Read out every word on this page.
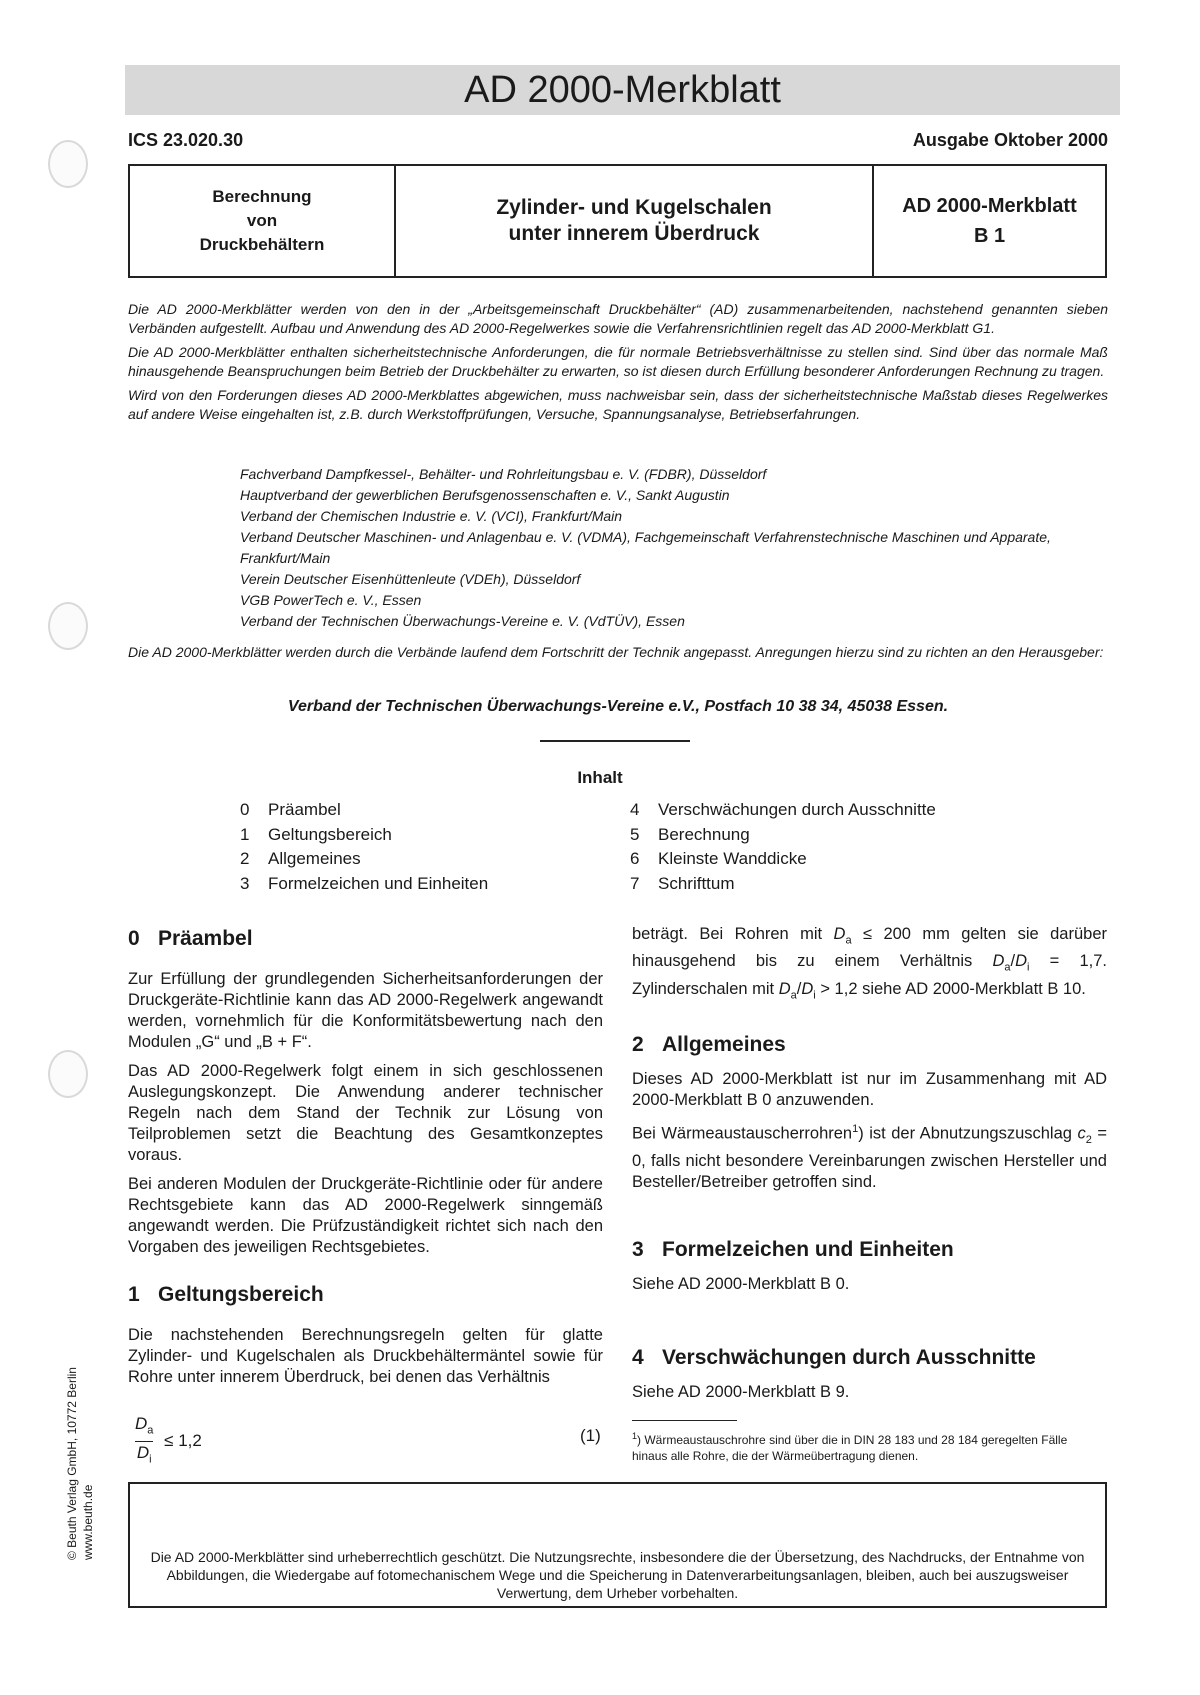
AD 2000-Merkblatt
ICS 23.020.30	Ausgabe Oktober 2000
Berechnung
von
Druckbehältern
Zylinder- und Kugelschalen
unter innerem Überdruck
AD 2000-Merkblatt
B 1

Die AD 2000-Merkblätter werden von den in der „Arbeitsgemeinschaft Druckbehälter“ (AD) zusammenarbeitenden, nachstehend genannten sieben Verbänden aufgestellt. Aufbau und Anwendung des AD 2000-Regelwerkes sowie die Verfahrensrichtlinien regelt das AD 2000-Merkblatt G1.

Die AD 2000-Merkblätter enthalten sicherheitstechnische Anforderungen, die für normale Betriebsverhältnisse zu stellen sind. Sind über das normale Maß hinausgehende Beanspruchungen beim Betrieb der Druckbehälter zu erwarten, so ist diesen durch Erfüllung besonderer Anforderungen Rechnung zu tragen.

Wird von den Forderungen dieses AD 2000-Merkblattes abgewichen, muss nachweisbar sein, dass der sicherheitstechnische Maßstab dieses Regelwerkes auf andere Weise eingehalten ist, z.B. durch Werkstoffprüfungen, Versuche, Spannungsanalyse, Betriebserfahrungen.

Fachverband Dampfkessel-, Behälter- und Rohrleitungsbau e. V. (FDBR), Düsseldorf
Hauptverband der gewerblichen Berufsgenossenschaften e. V., Sankt Augustin
Verband der Chemischen Industrie e. V. (VCI), Frankfurt/Main
Verband Deutscher Maschinen- und Anlagenbau e. V. (VDMA), Fachgemeinschaft Verfahrenstechnische Maschinen und Apparate, Frankfurt/Main
Verein Deutscher Eisenhüttenleute (VDEh), Düsseldorf
VGB PowerTech e. V., Essen
Verband der Technischen Überwachungs-Vereine e. V. (VdTÜV), Essen

Die AD 2000-Merkblätter werden durch die Verbände laufend dem Fortschritt der Technik angepasst. Anregungen hierzu sind zu richten an den Herausgeber:

Verband der Technischen Überwachungs-Vereine e.V., Postfach 10 38 34, 45038 Essen.
Inhalt
0	Präambel
1	Geltungsbereich
2	Allgemeines
3	Formelzeichen und Einheiten
4	Verschwächungen durch Ausschnitte
5	Berechnung
6	Kleinste Wanddicke
7	Schrifttum
0 Präambel

Zur Erfüllung der grundlegenden Sicherheitsanforderungen der Druckgeräte-Richtlinie kann das AD 2000-Regelwerk angewandt werden, vornehmlich für die Konformitätsbewertung nach den Modulen „G“ und „B + F“.

Das AD 2000-Regelwerk folgt einem in sich geschlossenen Auslegungskonzept. Die Anwendung anderer technischer Regeln nach dem Stand der Technik zur Lösung von Teilproblemen setzt die Beachtung des Gesamtkonzeptes voraus.

Bei anderen Modulen der Druckgeräte-Richtlinie oder für andere Rechtsgebiete kann das AD 2000-Regelwerk sinngemäß angewandt werden. Die Prüfzuständigkeit richtet sich nach den Vorgaben des jeweiligen Rechtsgebietes.

1 Geltungsbereich

Die nachstehenden Berechnungsregeln gelten für glatte Zylinder- und Kugelschalen als Druckbehältermäntel sowie für Rohre unter innerem Überdruck, bei denen das Verhältnis

$\frac{D_a}{D_i} \le 1,2$	(1)

beträgt. Bei Rohren mit $D_a \le 200$ mm gelten sie darüber hinausgehend bis zu einem Verhältnis $D_a/D_i = 1,7$. Zylinderschalen mit $D_a/D_i > 1,2$ siehe AD 2000-Merkblatt B 10.

2 Allgemeines

Dieses AD 2000-Merkblatt ist nur im Zusammenhang mit AD 2000-Merkblatt B 0 anzuwenden.

Bei Wärmeaustauscherrohren$^1$) ist der Abnutzungszuschlag $c_2 = 0$, falls nicht besondere Vereinbarungen zwischen Hersteller und Besteller/Betreiber getroffen sind.

3 Formelzeichen und Einheiten

Siehe AD 2000-Merkblatt B 0.

4 Verschwächungen durch Ausschnitte

Siehe AD 2000-Merkblatt B 9.

$^1$) Wärmeaustauschrohre sind über die in DIN 28 183 und 28 184 geregelten Fälle hinaus alle Rohre, die der Wärmeübertragung dienen.
Die AD 2000-Merkblätter sind urheberrechtlich geschützt. Die Nutzungsrechte, insbesondere die der Übersetzung, des Nachdrucks, der Entnahme von Abbildungen, die Wiedergabe auf fotomechanischem Wege und die Speicherung in Datenverarbeitungsanlagen, bleiben, auch bei auszugsweiser Verwertung, dem Urheber vorbehalten.
© Beuth Verlag GmbH, 10772 Berlin www.beuth.de
